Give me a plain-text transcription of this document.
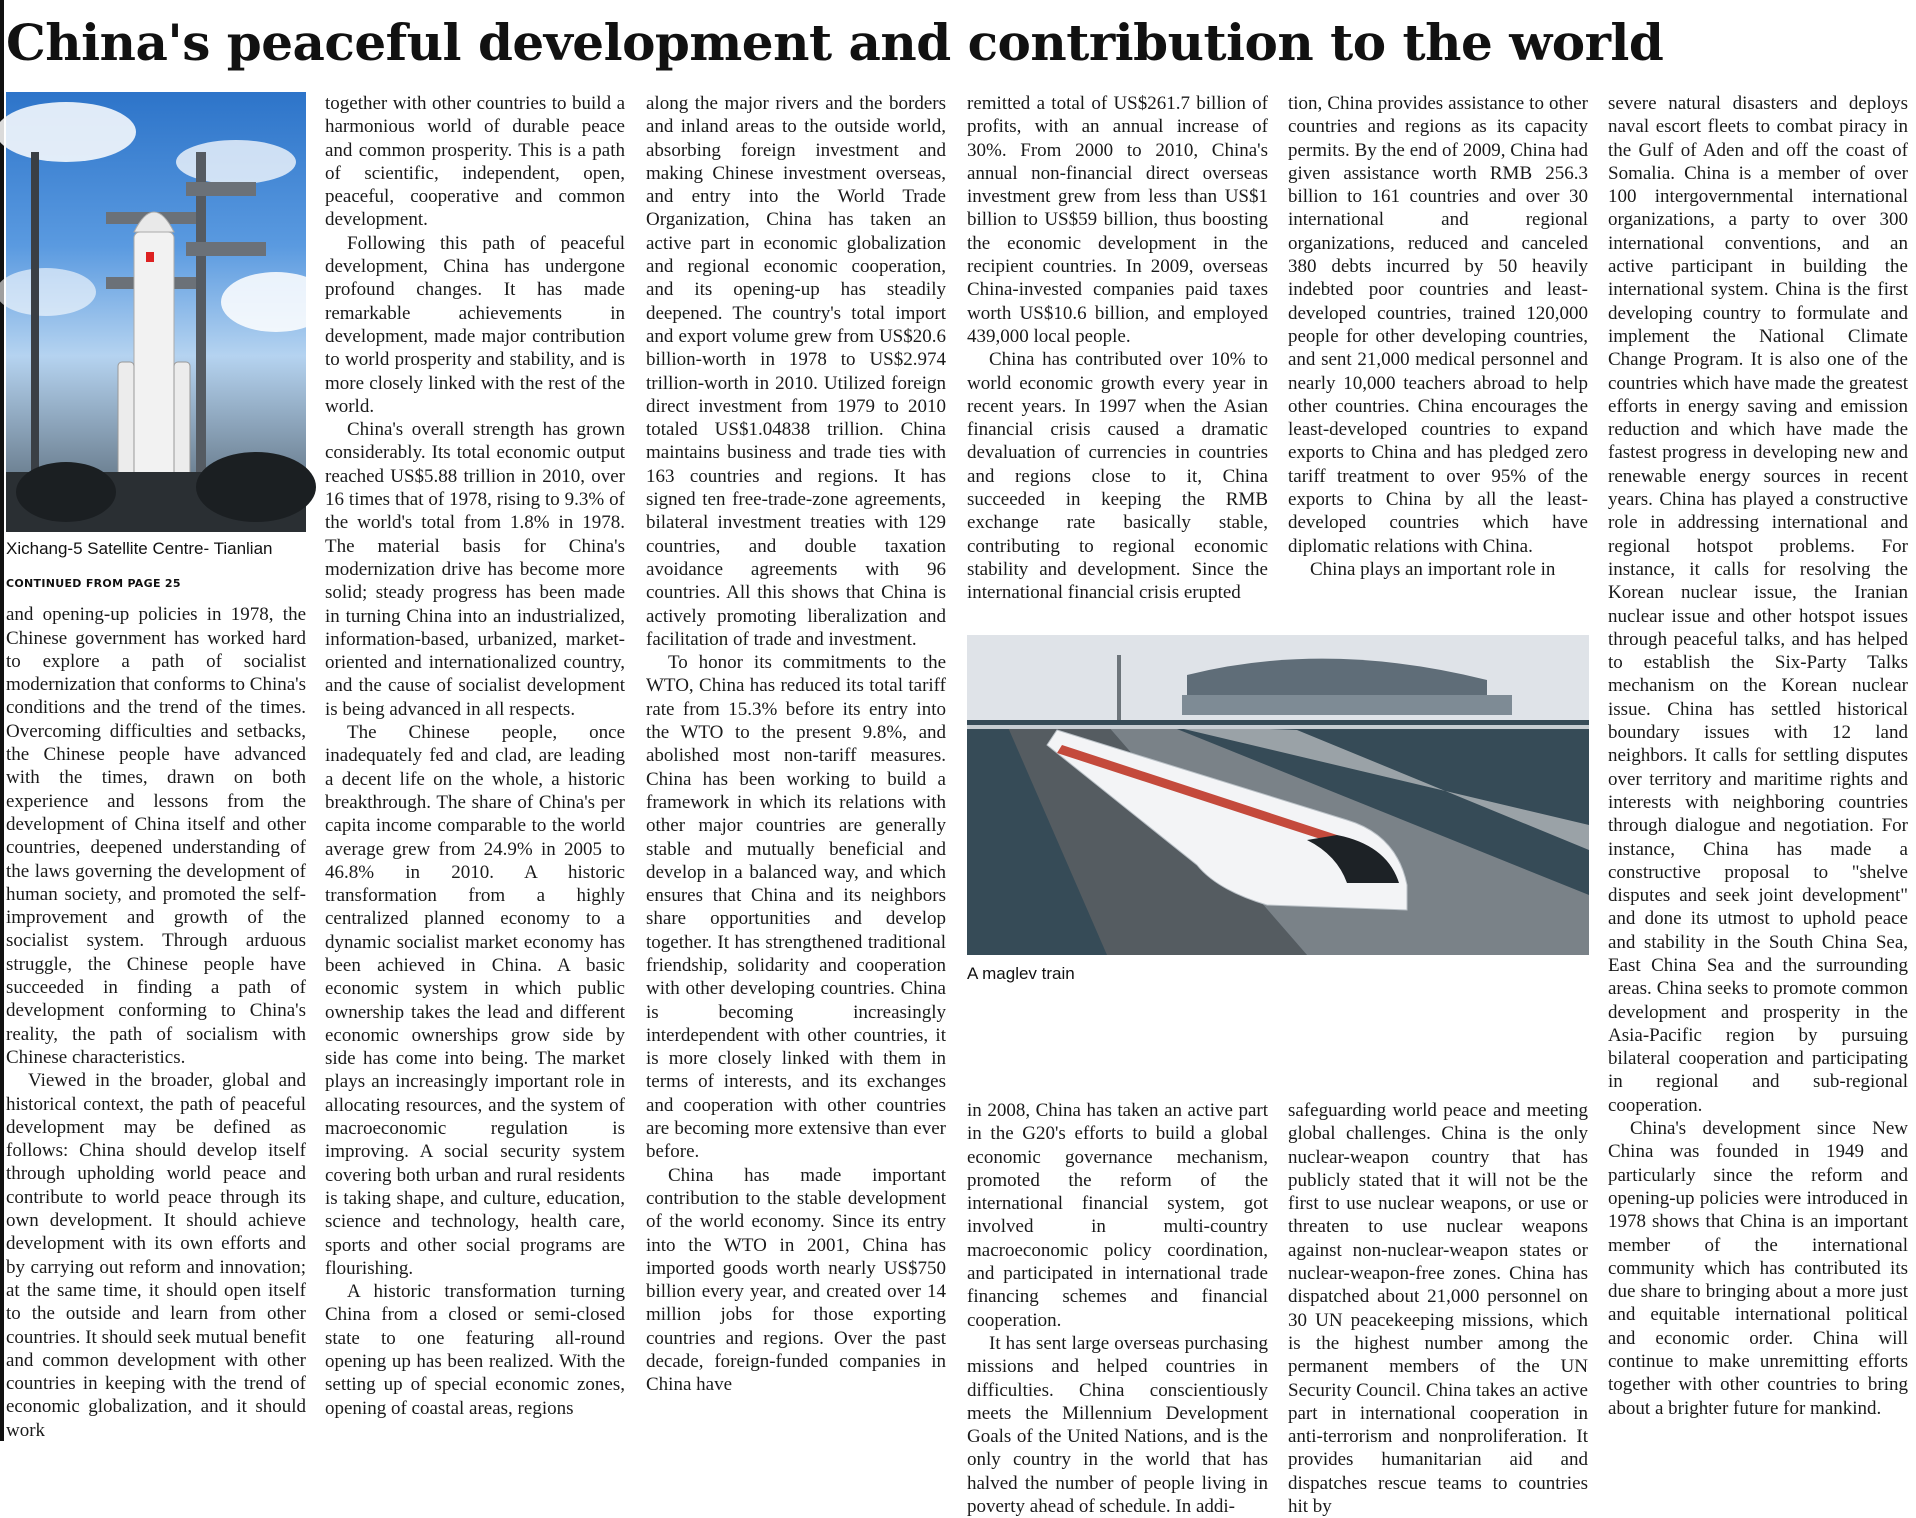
China's peaceful development and contribution to the world
Xichang-5 Satellite Centre- Tianlian
CONTINUED FROM PAGE 25

and opening-up policies in 1978, the Chinese government has worked hard to explore a path of socialist modernization that conforms to China's conditions and the trend of the times. Overcoming difficulties and setbacks, the Chinese people have advanced with the times, drawn on both experience and lessons from the development of China itself and other countries, deepened understanding of the laws governing the development of human society, and promoted the self-improvement and growth of the socialist system. Through arduous struggle, the Chinese people have succeeded in finding a path of development conforming to China's reality, the path of socialism with Chinese characteristics.

Viewed in the broader, global and historical context, the path of peaceful development may be defined as follows: China should develop itself through upholding world peace and contribute to world peace through its own development. It should achieve development with its own efforts and by carrying out reform and innovation; at the same time, it should open itself to the outside and learn from other countries. It should seek mutual benefit and common development with other countries in keeping with the trend of economic globalization, and it should work

together with other countries to build a harmonious world of durable peace and common prosperity. This is a path of scientific, independent, open, peaceful, cooperative and common development.

Following this path of peaceful development, China has undergone profound changes. It has made remarkable achievements in development, made major contribution to world prosperity and stability, and is more closely linked with the rest of the world.

China's overall strength has grown considerably. Its total economic output reached US$5.88 trillion in 2010, over 16 times that of 1978, rising to 9.3% of the world's total from 1.8% in 1978. The material basis for China's modernization drive has become more solid; steady progress has been made in turning China into an industrialized, information-based, urbanized, market-oriented and internationalized country, and the cause of socialist development is being advanced in all respects.

The Chinese people, once inadequately fed and clad, are leading a decent life on the whole, a historic breakthrough. The share of China's per capita income comparable to the world average grew from 24.9% in 2005 to 46.8% in 2010. A historic transformation from a highly centralized planned economy to a dynamic socialist market economy has been achieved in China. A basic economic system in which public ownership takes the lead and different economic ownerships grow side by side has come into being. The market plays an increasingly important role in allocating resources, and the system of macroeconomic regulation is improving. A social security system covering both urban and rural residents is taking shape, and culture, education, science and technology, health care, sports and other social programs are flourishing.

A historic transformation turning China from a closed or semi-closed state to one featuring all-round opening up has been realized. With the setting up of special economic zones, opening of coastal areas, regions

along the major rivers and the borders and inland areas to the outside world, absorbing foreign investment and making Chinese investment overseas, and entry into the World Trade Organization, China has taken an active part in economic globalization and regional economic cooperation, and its opening-up has steadily deepened. The country's total import and export volume grew from US$20.6 billion-worth in 1978 to US$2.974 trillion-worth in 2010. Utilized foreign direct investment from 1979 to 2010 totaled US$1.04838 trillion. China maintains business and trade ties with 163 countries and regions. It has signed ten free-trade-zone agreements, bilateral investment treaties with 129 countries, and double taxation avoidance agreements with 96 countries. All this shows that China is actively promoting liberalization and facilitation of trade and investment.

To honor its commitments to the WTO, China has reduced its total tariff rate from 15.3% before its entry into the WTO to the present 9.8%, and abolished most non-tariff measures. China has been working to build a framework in which its relations with other major countries are generally stable and mutually beneficial and develop in a balanced way, and which ensures that China and its neighbors share opportunities and develop together. It has strengthened traditional friendship, solidarity and cooperation with other developing countries. China is becoming increasingly interdependent with other countries, it is more closely linked with them in terms of interests, and its exchanges and cooperation with other countries are becoming more extensive than ever before.

China has made important contribution to the stable development of the world economy. Since its entry into the WTO in 2001, China has imported goods worth nearly US$750 billion every year, and created over 14 million jobs for those exporting countries and regions. Over the past decade, foreign-funded companies in China have

remitted a total of US$261.7 billion of profits, with an annual increase of 30%. From 2000 to 2010, China's annual non-financial direct overseas investment grew from less than US$1 billion to US$59 billion, thus boosting the economic development in the recipient countries. In 2009, overseas China-invested companies paid taxes worth US$10.6 billion, and employed 439,000 local people.

China has contributed over 10% to world economic growth every year in recent years. In 1997 when the Asian financial crisis caused a dramatic devaluation of currencies in countries and regions close to it, China succeeded in keeping the RMB exchange rate basically stable, contributing to regional economic stability and development. Since the international financial crisis erupted

in 2008, China has taken an active part in the G20's efforts to build a global economic governance mechanism, promoted the reform of the international financial system, got involved in multi-country macroeconomic policy coordination, and participated in international trade financing schemes and financial cooperation.

It has sent large overseas purchasing missions and helped countries in difficulties. China conscientiously meets the Millennium Development Goals of the United Nations, and is the only country in the world that has halved the number of people living in poverty ahead of schedule. In addi-

tion, China provides assistance to other countries and regions as its capacity permits. By the end of 2009, China had given assistance worth RMB 256.3 billion to 161 countries and over 30 international and regional organizations, reduced and canceled 380 debts incurred by 50 heavily indebted poor countries and least-developed countries, trained 120,000 people for other developing countries, and sent 21,000 medical personnel and nearly 10,000 teachers abroad to help other countries. China encourages the least-developed countries to expand exports to China and has pledged zero tariff treatment to over 95% of the exports to China by all the least-developed countries which have diplomatic relations with China.

China plays an important role in

safeguarding world peace and meeting global challenges. China is the only nuclear-weapon country that has publicly stated that it will not be the first to use nuclear weapons, or use or threaten to use nuclear weapons against non-nuclear-weapon states or nuclear-weapon-free zones. China has dispatched about 21,000 personnel on 30 UN peacekeeping missions, which is the highest number among the permanent members of the UN Security Council. China takes an active part in international cooperation in anti-terrorism and nonproliferation. It provides humanitarian aid and dispatches rescue teams to countries hit by

severe natural disasters and deploys naval escort fleets to combat piracy in the Gulf of Aden and off the coast of Somalia. China is a member of over 100 intergovernmental international organizations, a party to over 300 international conventions, and an active participant in building the international system. China is the first developing country to formulate and implement the National Climate Change Program. It is also one of the countries which have made the greatest efforts in energy saving and emission reduction and which have made the fastest progress in developing new and renewable energy sources in recent years. China has played a constructive role in addressing international and regional hotspot problems. For instance, it calls for resolving the Korean nuclear issue, the Iranian nuclear issue and other hotspot issues through peaceful talks, and has helped to establish the Six-Party Talks mechanism on the Korean nuclear issue. China has settled historical boundary issues with 12 land neighbors. It calls for settling disputes over territory and maritime rights and interests with neighboring countries through dialogue and negotiation. For instance, China has made a constructive proposal to "shelve disputes and seek joint development" and done its utmost to uphold peace and stability in the South China Sea, East China Sea and the surrounding areas. China seeks to promote common development and prosperity in the Asia-Pacific region by pursuing bilateral cooperation and participating in regional and sub-regional cooperation.

China's development since New China was founded in 1949 and particularly since the reform and opening-up policies were introduced in 1978 shows that China is an important member of the international community which has contributed its due share to bringing about a more just and equitable international political and economic order. China will continue to make unremitting efforts together with other countries to bring about a brighter future for mankind.

A maglev train
